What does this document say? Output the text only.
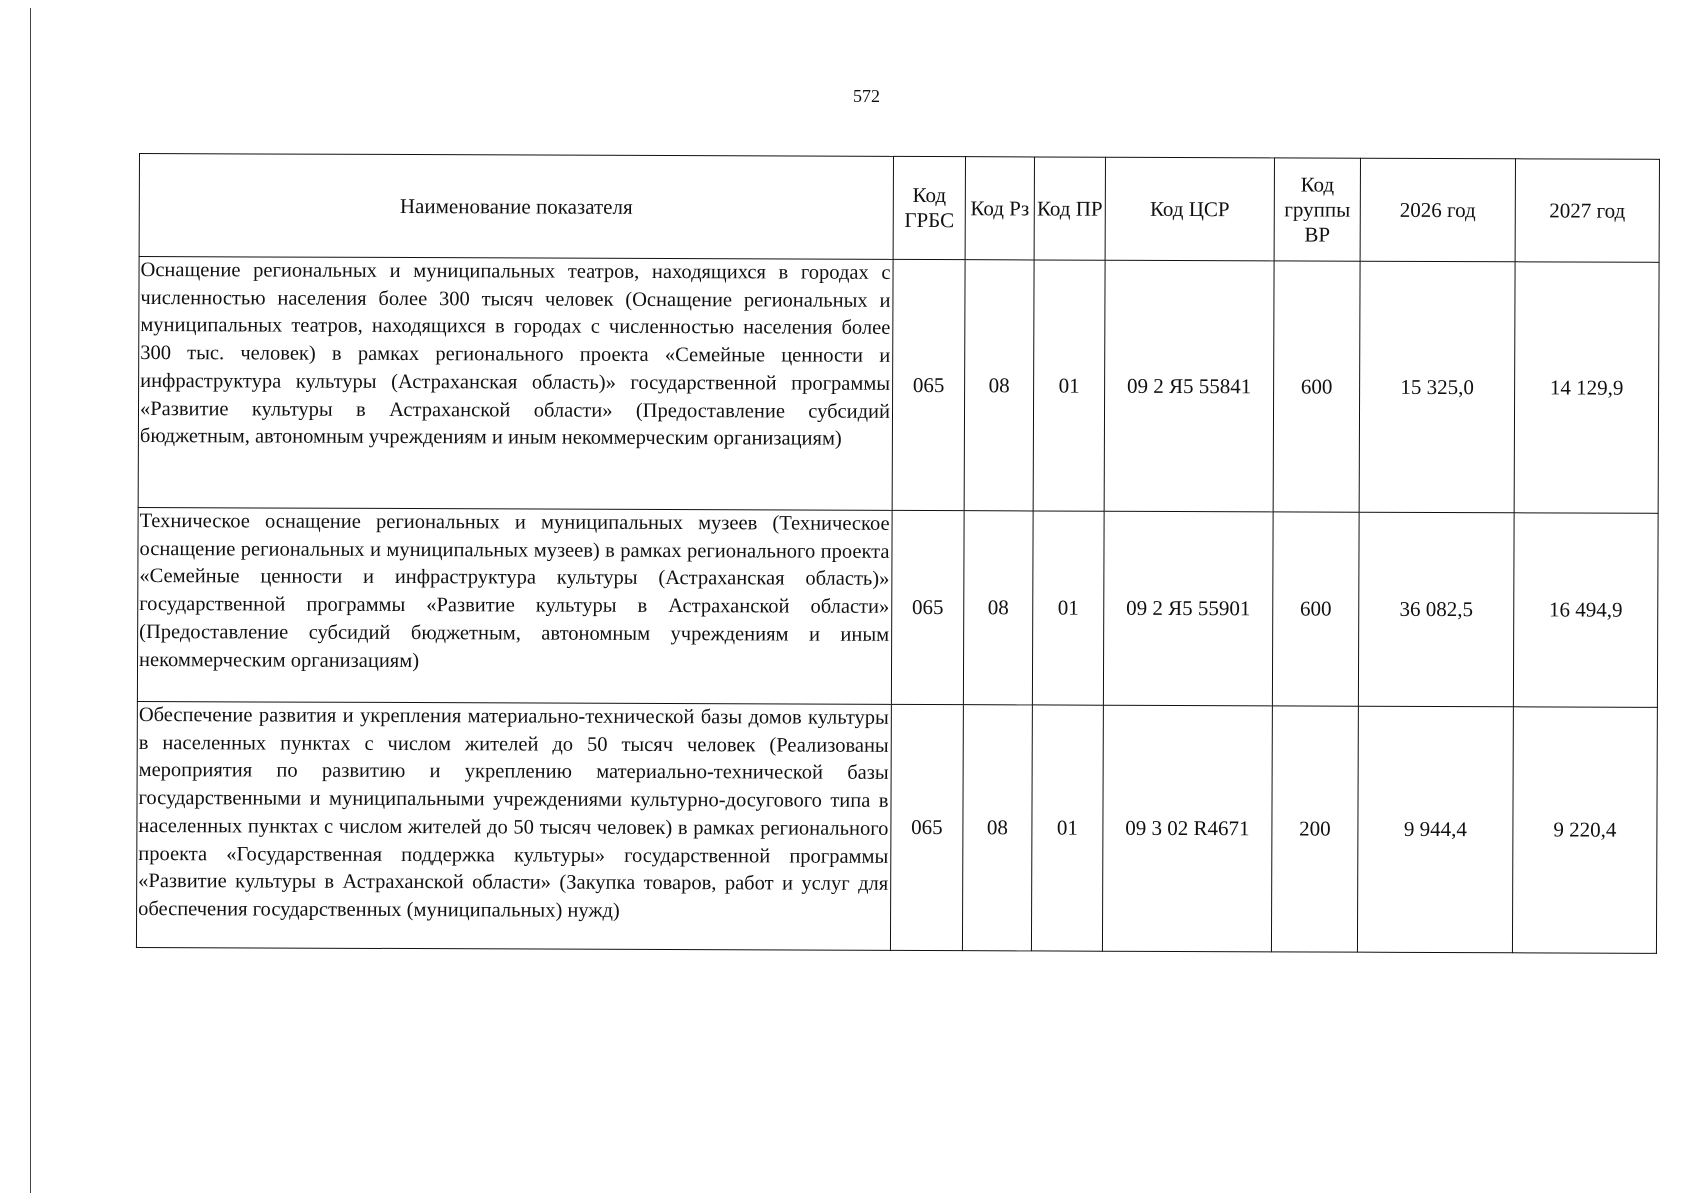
572
Наименование показателя	Код ГРБС	Код Рз	Код ПР	Код ЦСР	Код группы ВР	2026 год	2027 год
Оснащение региональных и муниципальных театров, находящихся в городах с численностью населения более 300 тысяч человек (Оснащение региональных и муниципальных театров, находящихся в городах с численностью населения более 300 тыс. человек) в рамках регионального проекта «Семейные ценности и инфраструктура культуры (Астраханская область)» государственной программы «Развитие культуры в Астраханской области» (Предоставление субсидий бюджетным, автономным учреждениям и иным некоммерческим организациям)	065	08	01	09 2 Я5 55841	600	15 325,0	14 129,9
Техническое оснащение региональных и муниципальных музеев (Техническое оснащение региональных и муниципальных музеев) в рамках регионального проекта «Семейные ценности и инфраструктура культуры (Астраханская область)» государственной программы «Развитие культуры в Астраханской области» (Предоставление субсидий бюджетным, автономным учреждениям и иным некоммерческим организациям)	065	08	01	09 2 Я5 55901	600	36 082,5	16 494,9
Обеспечение развития и укрепления материально-технической базы домов культуры в населенных пунктах с числом жителей до 50 тысяч человек (Реализованы мероприятия по развитию и укреплению материально-технической базы государственными и муниципальными учреждениями культурно-досугового типа в населенных пунктах с числом жителей до 50 тысяч человек) в рамках регионального проекта «Государственная поддержка культуры» государственной программы «Развитие культуры в Астраханской области» (Закупка товаров, работ и услуг для обеспечения государственных (муниципальных) нужд)	065	08	01	09 3 02 R4671	200	9 944,4	9 220,4
